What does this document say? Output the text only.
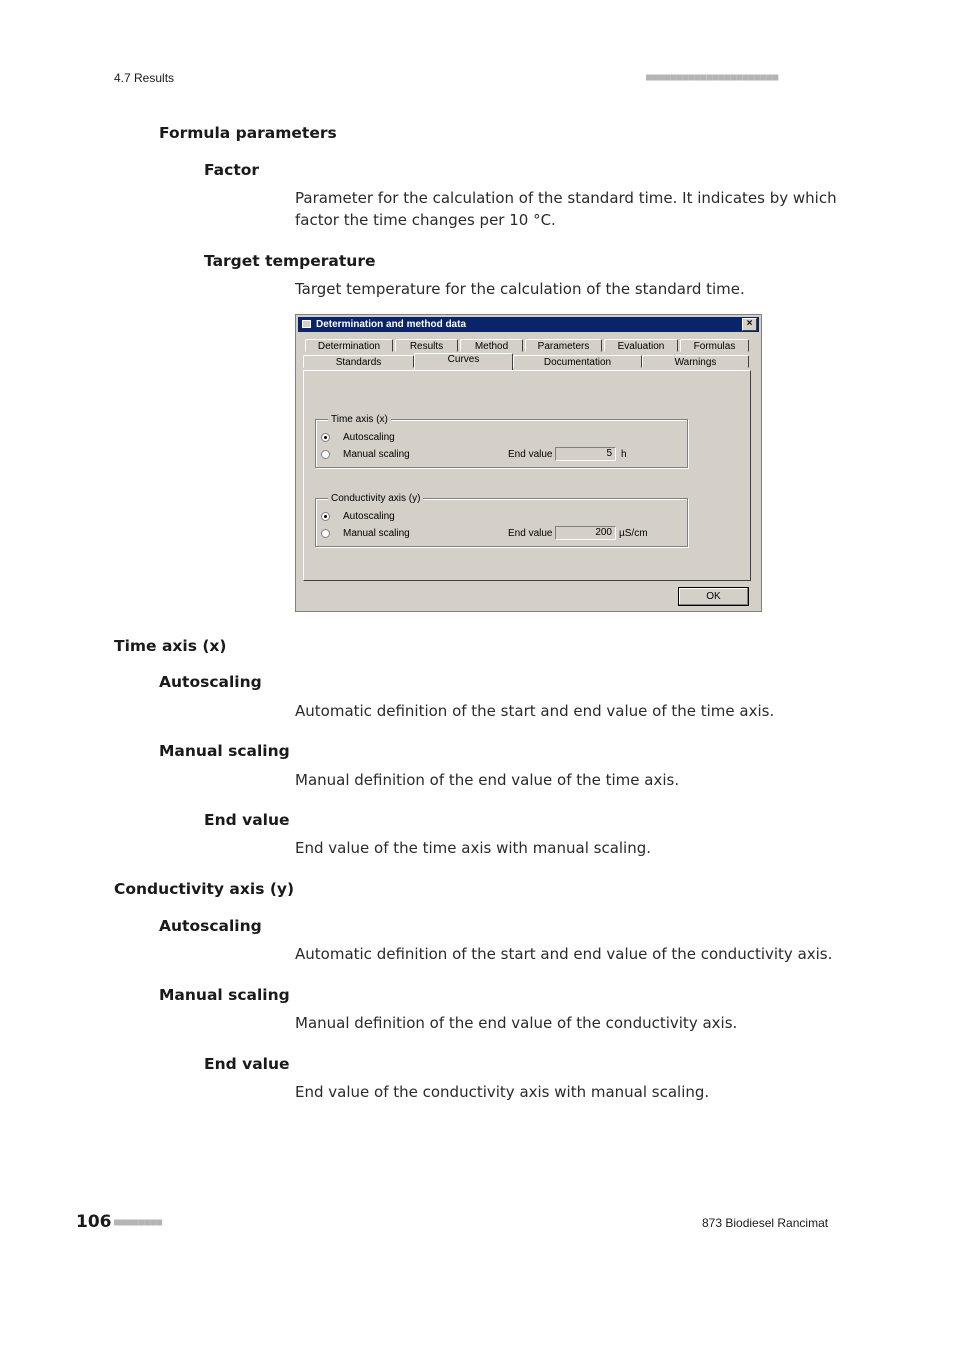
4.7 Results	■■■■■■■■■■■■■■■■■■■■■■
Formula parameters
Factor
Parameter for the calculation of the standard time. It indicates by which
factor the time changes per 10 °C.
Target temperature
Target temperature for the calculation of the standard time.
Determination and method data	×
Determination	Results	Method	Parameters	Evaluation	Formulas
Standards	Curves	Documentation	Warnings
Time axis (x)
Autoscaling
Manual scaling	End value	5 h
Conductivity axis (y)
Autoscaling
Manual scaling	End value	200 µS/cm
OK
Time axis (x)
Autoscaling
Automatic definition of the start and end value of the time axis.
Manual scaling
Manual definition of the end value of the time axis.
End value
End value of the time axis with manual scaling.
Conductivity axis (y)
Autoscaling
Automatic definition of the start and end value of the conductivity axis.
Manual scaling
Manual definition of the end value of the conductivity axis.
End value
End value of the conductivity axis with manual scaling.
106 ■■■■■■■■	873 Biodiesel Rancimat
